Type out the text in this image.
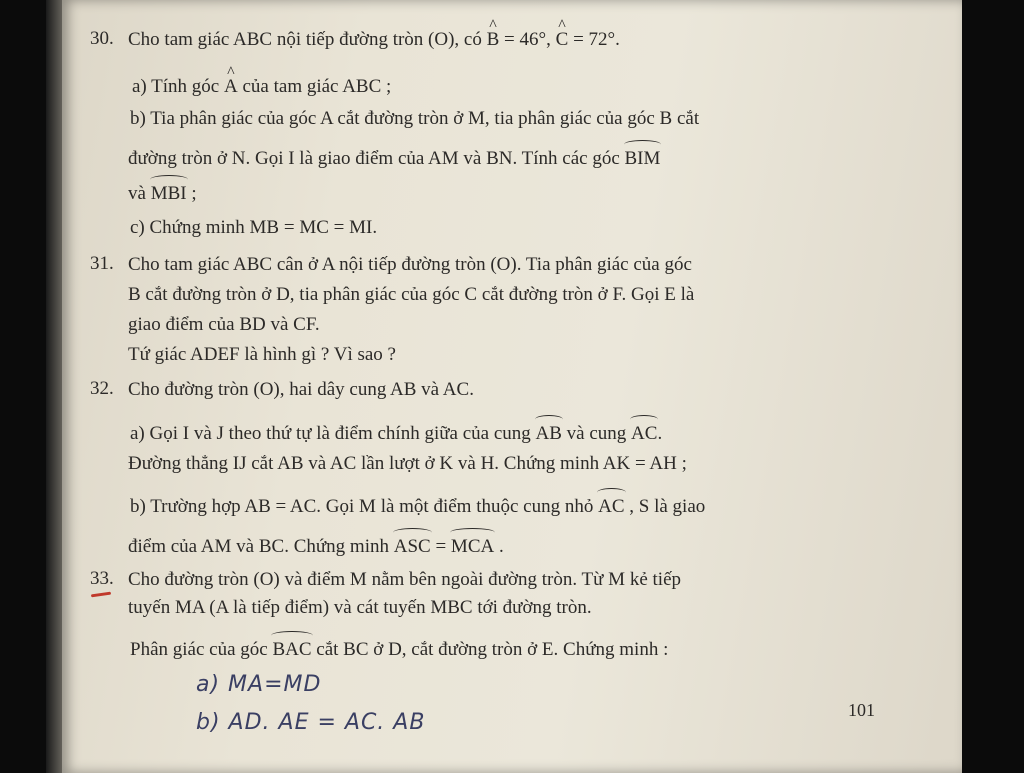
30. Cho tam giác ABC nội tiếp đường tròn (O), có ^ B = 46°, ^ C = 72°.
a) Tính góc ^ A của tam giác ABC ;
b) Tia phân giác của góc A cắt đường tròn ở M, tia phân giác của góc B cắt
đường tròn ở N. Gọi I là giao điểm của AM và BN. Tính các góc BIM
và MBI ;
c) Chứng minh MB = MC = MI.
31. Cho tam giác ABC cân ở A nội tiếp đường tròn (O). Tia phân giác của góc
B cắt đường tròn ở D, tia phân giác của góc C cắt đường tròn ở F. Gọi E là
giao điểm của BD và CF.
Tứ giác ADEF là hình gì ? Vì sao ?
32. Cho đường tròn (O), hai dây cung AB và AC.
a) Gọi I và J theo thứ tự là điểm chính giữa của cung AB và cung AC.
Đường thẳng IJ cắt AB và AC lần lượt ở K và H. Chứng minh AK = AH ;
b) Trường hợp AB = AC. Gọi M là một điểm thuộc cung nhỏ AC , S là giao
điểm của AM và BC. Chứng minh ASC = MCA .
33. Cho đường tròn (O) và điểm M nằm bên ngoài đường tròn. Từ M kẻ tiếp
tuyến MA (A là tiếp điểm) và cát tuyến MBC tới đường tròn.
Phân giác của góc BAC cắt BC ở D, cắt đường tròn ở E. Chứng minh :
a) MA=MD
b) AD. AE = AC. AB	101
